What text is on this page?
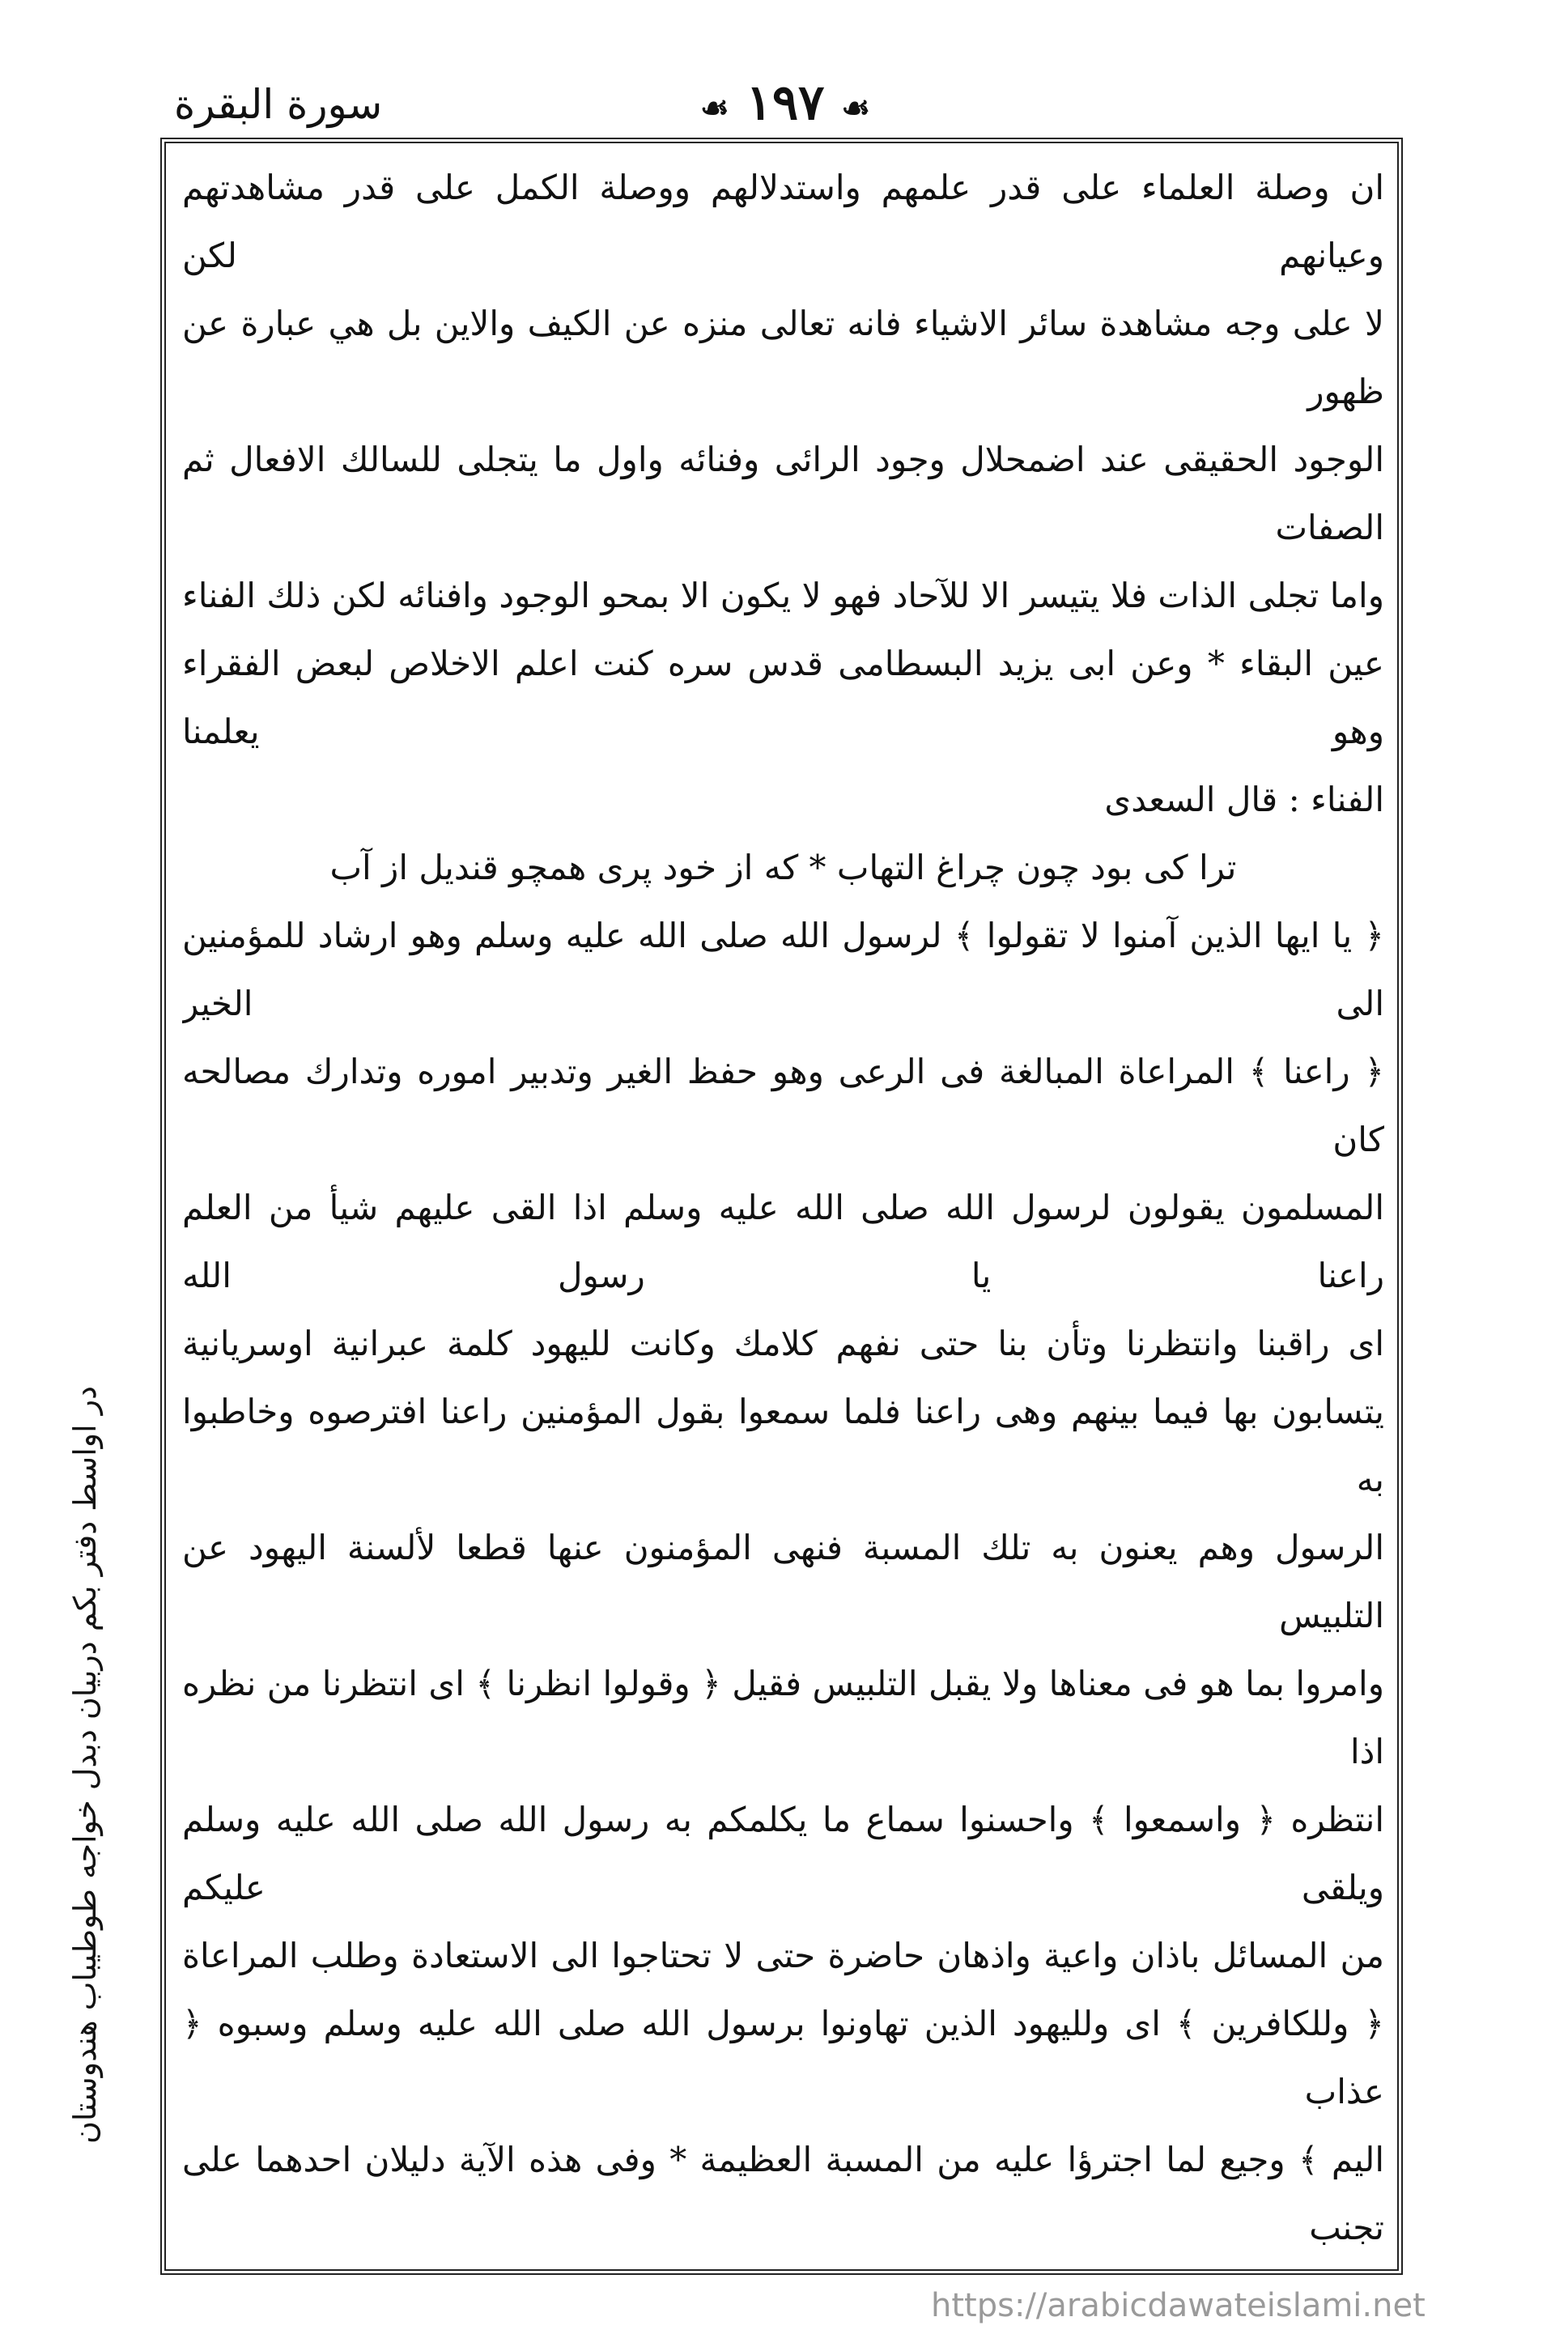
سورة البقرة	☙ ١٩٧ ☙

ان وصلة العلماء على قدر علمهم واستدلالهم ووصلة الكمل على قدر مشاهدتهم وعيانهم لكن

لا على وجه مشاهدة سائر الاشياء فانه تعالى منزه عن الكيف والاين بل هي عبارة عن ظهور

الوجود الحقيقى عند اضمحلال وجود الرائى وفنائه واول ما يتجلى للسالك الافعال ثم الصفات

واما تجلى الذات فلا يتيسر الا للآحاد فهو لا يكون الا بمحو الوجود وافنائه لكن ذلك الفناء

عين البقاء * وعن ابى يزيد البسطامى قدس سره كنت اعلم الاخلاص لبعض الفقراء وهو يعلمنا

الفناء : قال السعدى

ترا كى بود چون چراغ التهاب * كه از خود پرى همچو قنديل از آب

﴿ يا ايها الذين آمنوا لا تقولوا ﴾ لرسول الله صلى الله عليه وسلم وهو ارشاد للمؤمنين الى الخير

﴿ راعنا ﴾ المراعاة المبالغة فى الرعى وهو حفظ الغير وتدبير اموره وتدارك مصالحه كان

المسلمون يقولون لرسول الله صلى الله عليه وسلم اذا القى عليهم شيأ من العلم راعنا يا رسول الله

اى راقبنا وانتظرنا وتأن بنا حتى نفهم كلامك وكانت لليهود كلمة عبرانية اوسريانية

يتسابون بها فيما بينهم وهى راعنا فلما سمعوا بقول المؤمنين راعنا افترصوه وخاطبوا به

الرسول وهم يعنون به تلك المسبة فنهى المؤمنون عنها قطعا لألسنة اليهود عن التلبيس

وامروا بما هو فى معناها ولا يقبل التلبيس فقيل ﴿ وقولوا انظرنا ﴾ اى انتظرنا من نظره اذا

انتظره ﴿ واسمعوا ﴾ واحسنوا سماع ما يكلمكم به رسول الله صلى الله عليه وسلم ويلقى عليكم

من المسائل باذان واعية واذهان حاضرة حتى لا تحتاجوا الى الاستعادة وطلب المراعاة

﴿ وللكافرين ﴾ اى ولليهود الذين تهاونوا برسول الله صلى الله عليه وسلم وسبوه ﴿ عذاب

اليم ﴾ وجيع لما اجترؤا عليه من المسبة العظيمة * وفى هذه الآية دليلان احدهما على تجنب

در اواسط دفتر بكم دربيان دبدل خواجه طوطيباب هندوستان
https://arabicdawateislami.net
